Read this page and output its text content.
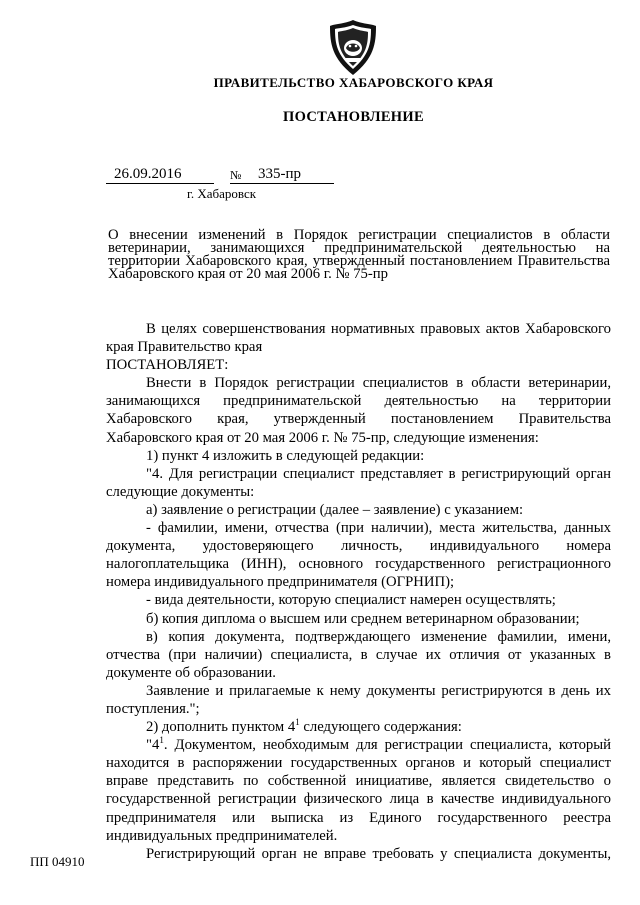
ПРАВИТЕЛЬСТВО ХАБАРОВСКОГО КРАЯ
ПОСТАНОВЛЕНИЕ
26.09.2016	№ 335-пр
г. Хабаровск
О внесении изменений в Порядок регистрации специалистов в области ветеринарии, занимающихся предпринимательской деятельностью на территории Хабаровского края, утвержденный постановлением Правительства Хабаровского края от 20 мая 2006 г. № 75-пр

В целях совершенствования нормативных правовых актов Хабаровского края Правительство края

ПОСТАНОВЛЯЕТ:

Внести в Порядок регистрации специалистов в области ветеринарии, занимающихся предпринимательской деятельностью на территории Хабаровского края, утвержденный постановлением Правительства Хабаровского края от 20 мая 2006 г. № 75-пр, следующие изменения:

1) пункт 4 изложить в следующей редакции:

"4. Для регистрации специалист представляет в регистрирующий орган следующие документы:

а) заявление о регистрации (далее – заявление) с указанием:

- фамилии, имени, отчества (при наличии), места жительства, данных документа, удостоверяющего личность, индивидуального номера налогоплательщика (ИНН), основного государственного регистрационного номера индивидуального предпринимателя (ОГРНИП);

- вида деятельности, которую специалист намерен осуществлять;

б) копия диплома о высшем или среднем ветеринарном образовании;

в) копия документа, подтверждающего изменение фамилии, имени, отчества (при наличии) специалиста, в случае их отличия от указанных в документе об образовании.

Заявление и прилагаемые к нему документы регистрируются в день их поступления.";

2) дополнить пунктом $4^1$ следующего содержания:

"$4^1$. Документом, необходимым для регистрации специалиста, который находится в распоряжении государственных органов и который специалист вправе представить по собственной инициативе, является свидетельство о государственной регистрации физического лица в качестве индивидуального предпринимателя или выписка из Единого государственного реестра индивидуальных предпринимателей.

Регистрирующий орган не вправе требовать у специалиста документы,

ПП 04910
